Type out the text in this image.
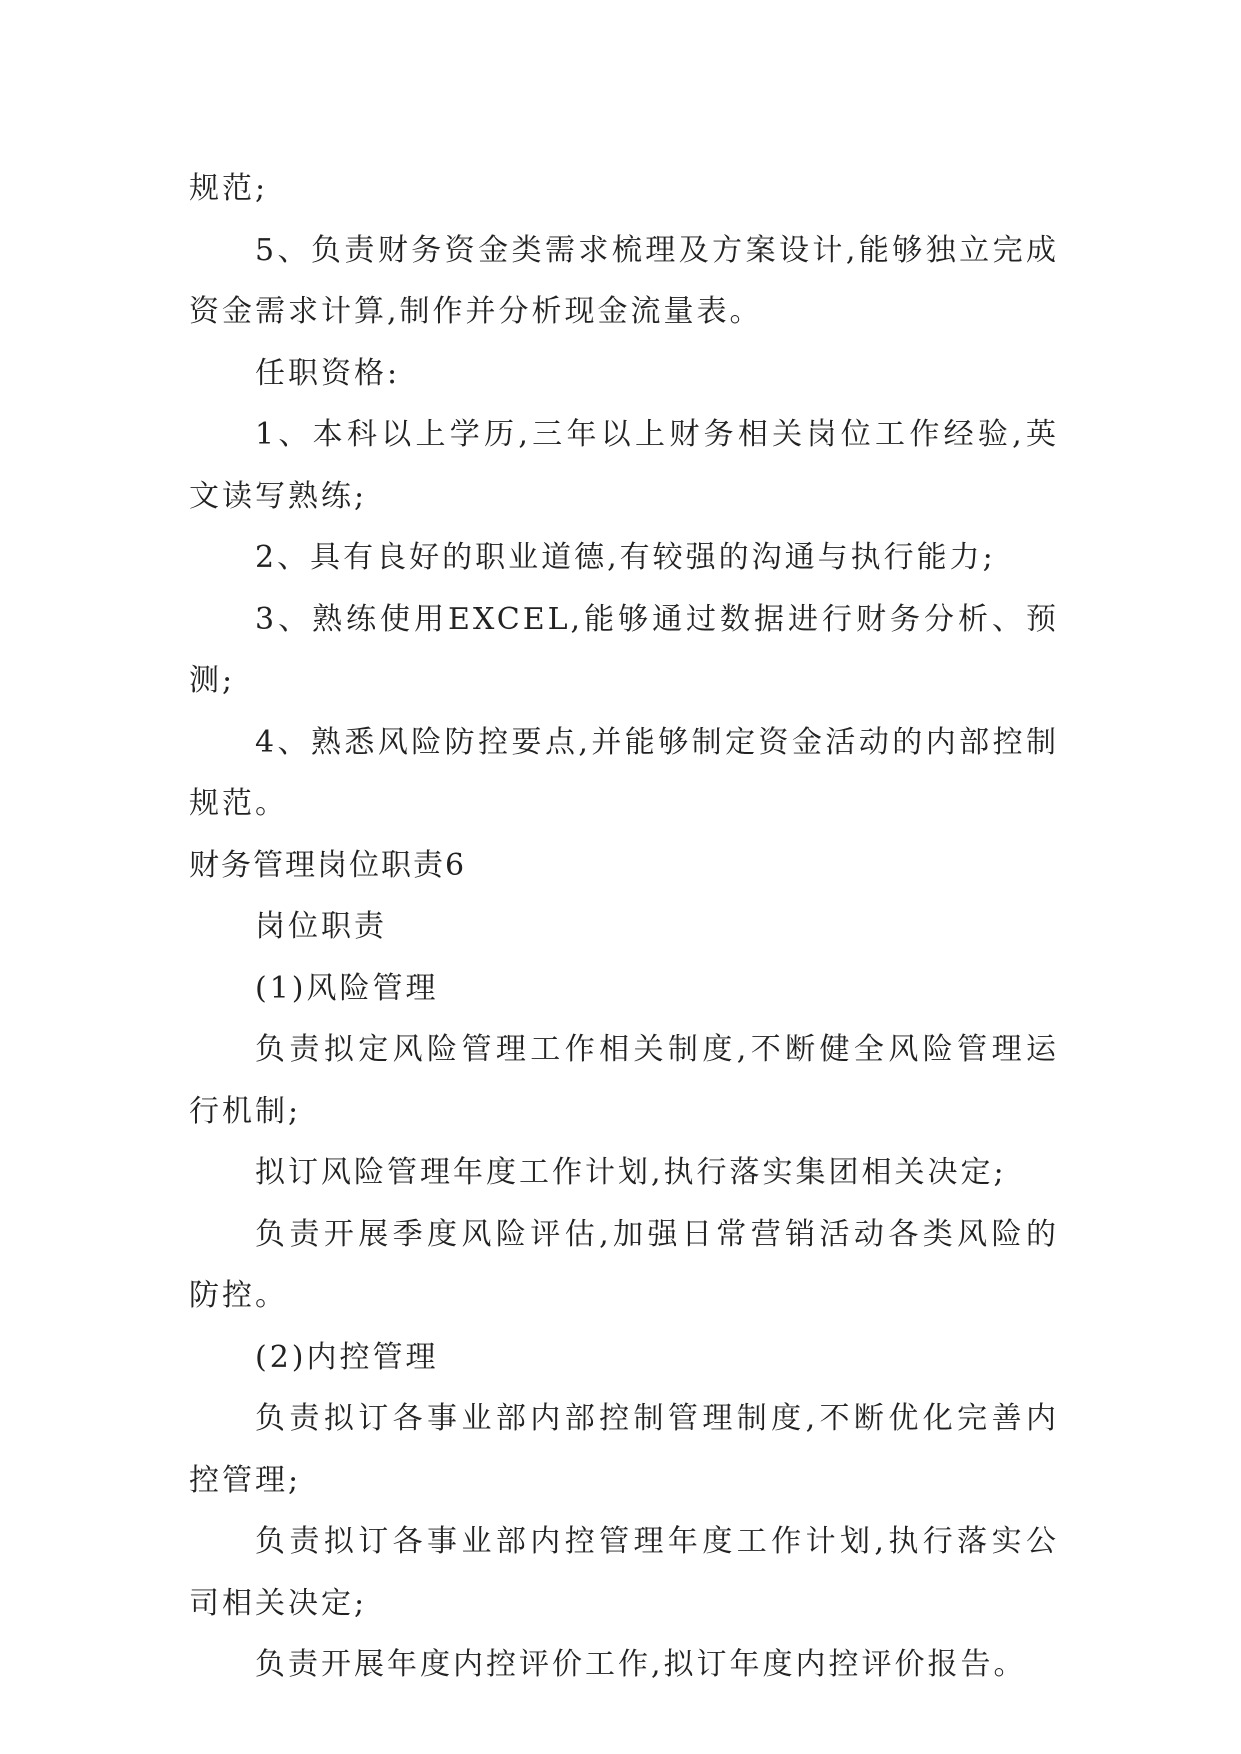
规范;

5、负责财务资金类需求梳理及方案设计,能够独立完成资金需求计算,制作并分析现金流量表。

任职资格:

1、本科以上学历,三年以上财务相关岗位工作经验,英文读写熟练;

2、具有良好的职业道德,有较强的沟通与执行能力;

3、熟练使用EXCEL,能够通过数据进行财务分析、预测;

4、熟悉风险防控要点,并能够制定资金活动的内部控制规范。

财务管理岗位职责6

岗位职责

(1)风险管理

负责拟定风险管理工作相关制度,不断健全风险管理运行机制;

拟订风险管理年度工作计划,执行落实集团相关决定;

负责开展季度风险评估,加强日常营销活动各类风险的防控。

(2)内控管理

负责拟订各事业部内部控制管理制度,不断优化完善内控管理;

负责拟订各事业部内控管理年度工作计划,执行落实公司相关决定;

负责开展年度内控评价工作,拟订年度内控评价报告。
